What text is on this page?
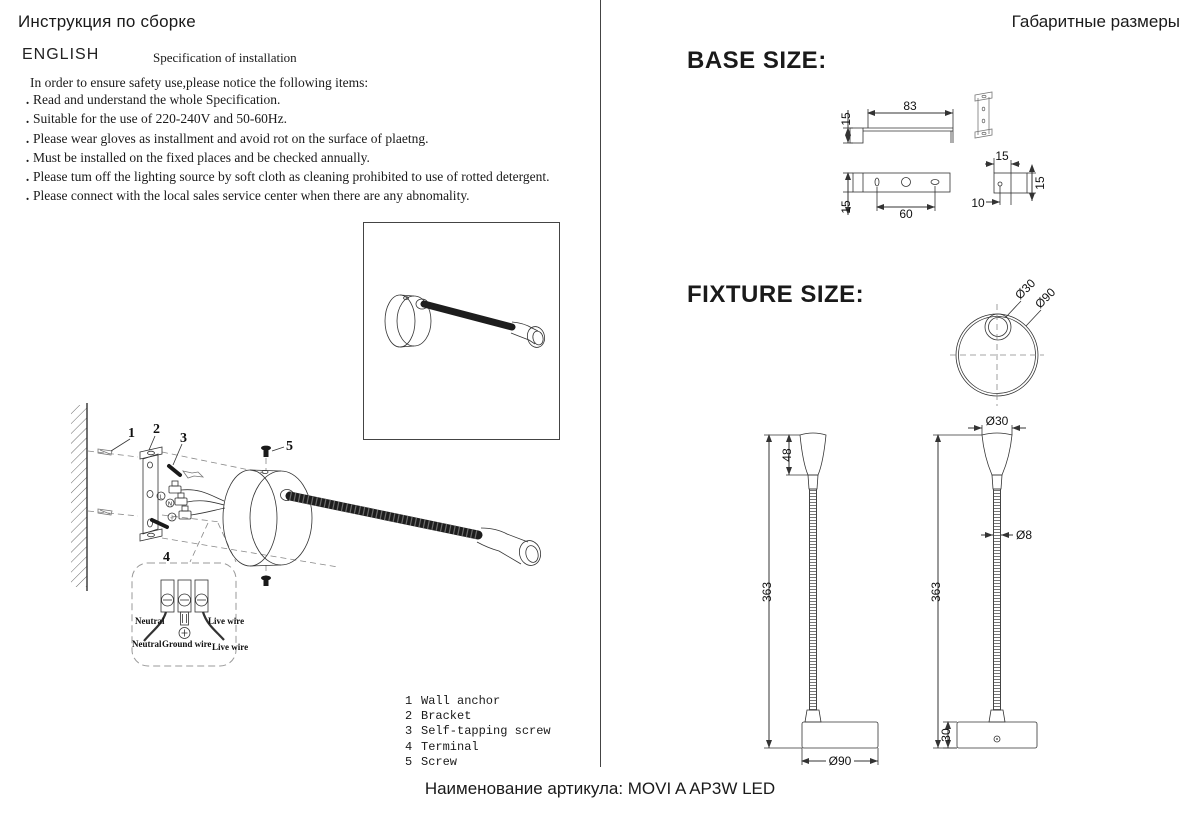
Инструкция по сборке	Габаритные размеры
ENGLISH	Specification of installation
In order to ensure safety use,please notice the following items:
. Read and understand the whole Specification.
. Suitable for the use of 220-240V and 50-60Hz.
. Please wear gloves as installment and avoid rot on the surface of plaetng.
. Must be installed on the fixed places and be checked annually.
. Please tum off the lighting source by soft cloth as cleaning prohibited to use of rotted detergent.
. Please connect with the local sales service center when there are any abnomality.
L
N
⏚
1 2
3
5
4
Neutral	Live wire
Neutral Ground wire Live wire
1 Wall anchor
2 Bracket
3 Self-tapping screw
4 Terminal
5 Screw
BASE SIZE:
15
83
60
15
15
15
10
FIXTURE SIZE:	Ø30
Ø90
363
48
Ø90
Ø30
363
Ø8
30
Наименование артикула: MOVI A AP3W LED
